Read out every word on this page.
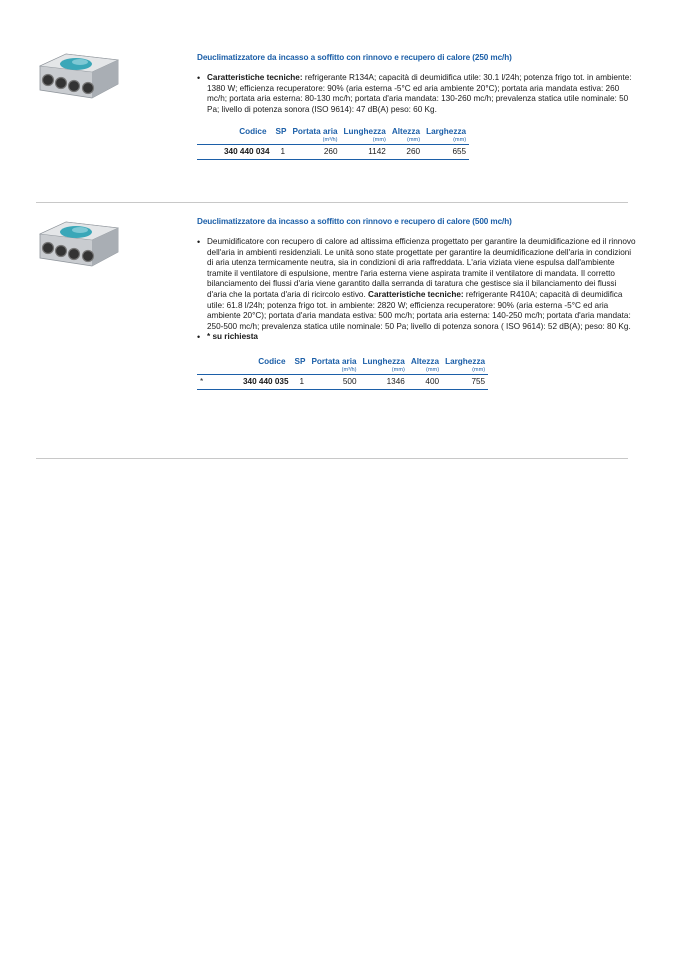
Deuclimatizzatore da incasso a soffitto con rinnovo e recupero di calore (250 mc/h)
• Caratteristiche tecniche: refrigerante R134A; capacità di deumidifica utile: 30.1 l/24h; potenza frigo tot. in ambiente: 1380 W; efficienza recuperatore: 90% (aria esterna -5°C ed aria ambiente 20°C); portata aria mandata estiva: 260 mc/h; portata aria esterna: 80-130 mc/h; portata d'aria mandata: 130-260 mc/h; prevalenza statica utile nominale: 50 Pa; livello di potenza sonora (ISO 9614): 47 dB(A) peso: 60 Kg.
	Codice	SP	Portata aria	Lunghezza	Altezza	Larghezza
			(m³/h)	(mm)	(mm)	(mm)
	340 440 034	1	260	1142	260	655
Deuclimatizzatore da incasso a soffitto con rinnovo e recupero di calore (500 mc/h)
• Deumidificatore con recupero di calore ad altissima efficienza progettato per garantire la deumidificazione ed il rinnovo dell'aria in ambienti residenziali. Le unità sono state progettate per garantire la deumidificazione dell'aria in condizioni di aria utenza termicamente neutra, sia in condizioni di aria raffreddata. L'aria viziata viene espulsa dall'ambiente tramite il ventilatore di espulsione, mentre l'aria esterna viene aspirata tramite il ventilatore di mandata. Il corretto bilanciamento dei flussi d'aria viene garantito dalla serranda di taratura che gestisce sia il bilanciamento dei flussi d'aria che la portata d'aria di ricircolo estivo. Caratteristiche tecniche: refrigerante R410A; capacità di deumidifica utile: 61.8 l/24h; potenza frigo tot. in ambiente: 2820 W; efficienza recuperatore: 90% (aria esterna -5°C ed aria ambiente 20°C); portata d'aria mandata estiva: 500 mc/h; portata aria esterna: 140-250 mc/h; portata d'aria mandata: 250-500 mc/h; prevalenza statica utile nominale: 50 Pa; livello di potenza sonora ( ISO 9614): 52 dB(A); peso: 80 Kg.
• * su richiesta
	Codice	SP	Portata aria	Lunghezza	Altezza	Larghezza
			(m³/h)	(mm)	(mm)	(mm)
*	340 440 035	1	500	1346	400	755
